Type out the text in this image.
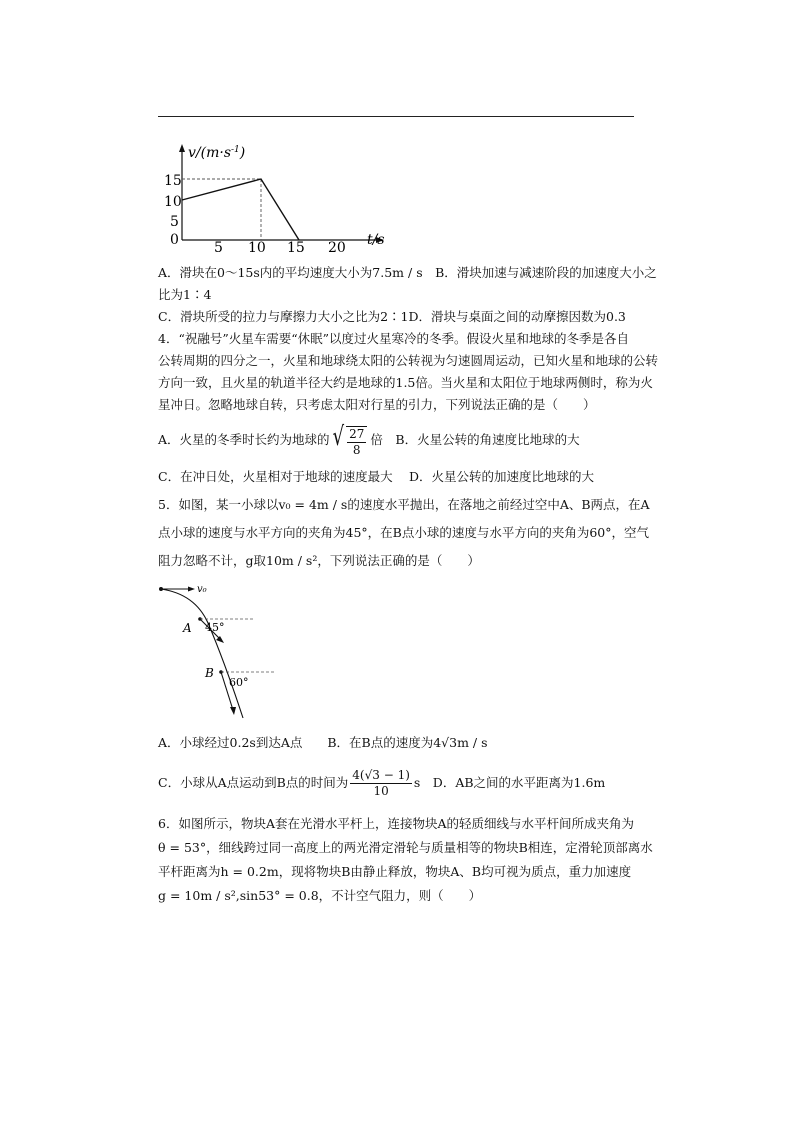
$v/(m\cdot s^{-1})$
t/s
15
10
5
0	5 10 15 20
A．滑块在0～15s内的平均速度大小为7.5m / s　B．滑块加速与减速阶段的加速度大小之
比为1∶4
C．滑块所受的拉力与摩擦力大小之比为2∶1D．滑块与桌面之间的动摩擦因数为0.3
4．“祝融号”火星车需要“休眠”以度过火星寒冷的冬季。假设火星和地球的冬季是各自
公转周期的四分之一，火星和地球绕太阳的公转视为匀速圆周运动，已知火星和地球的公转
方向一致，且火星的轨道半径大约是地球的1.5倍。当火星和太阳位于地球两侧时，称为火
星冲日。忽略地球自转，只考虑太阳对行星的引力，下列说法正确的是（　　）
A．火星的冬季时长约为地球的 √ $\frac{27}{8}$ 倍　B．火星公转的角速度比地球的大
C．在冲日处，火星相对于地球的速度最大　 D．火星公转的加速度比地球的大
5．如图，某一小球以v₀ = 4m / s的速度水平抛出，在落地之前经过空中A、B两点，在A
点小球的速度与水平方向的夹角为45°，在B点小球的速度与水平方向的夹角为60°，空气
阻力忽略不计，g取10m / s²，下列说法正确的是（　　）
v₀
A 45°
B
60°
A．小球经过0.2s到达A点　　B．在B点的速度为4√3m / s
C．小球从A点运动到B点的时间为 $\frac{4(√3 - 1)}{10}$ s　D．AB之间的水平距离为1.6m
6．如图所示，物块A套在光滑水平杆上，连接物块A的轻质细线与水平杆间所成夹角为
θ = 53°，细线跨过同一高度上的两光滑定滑轮与质量相等的物块B相连，定滑轮顶部离水
平杆距离为h = 0.2m，现将物块B由静止释放，物块A、B均可视为质点，重力加速度
g = 10m / s²,sin53° = 0.8，不计空气阻力，则（　　）
